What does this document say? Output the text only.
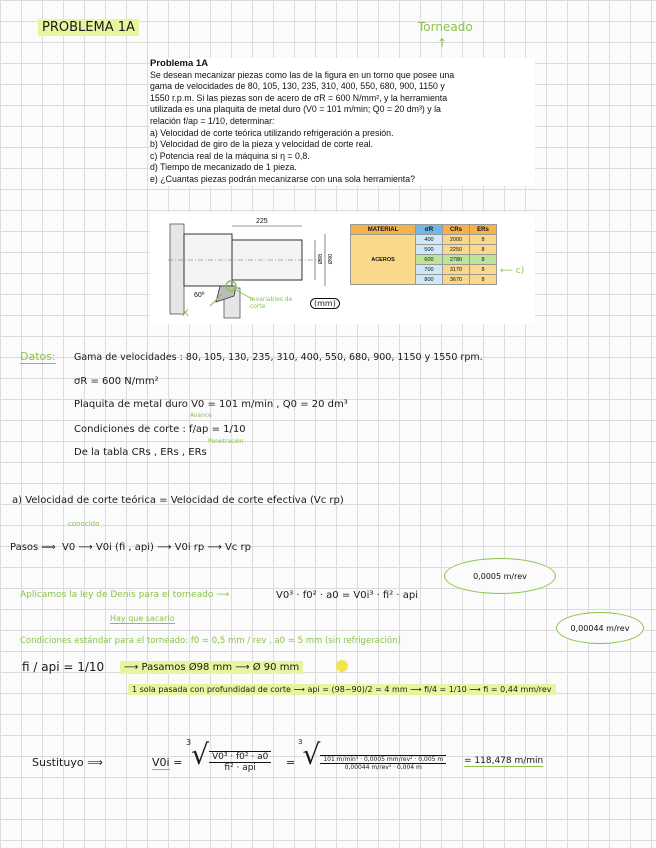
PROBLEMA 1A	Torneado
↑
Problema 1A
Se desean mecanizar piezas como las de la figura en un torno que posee una
gama de velocidades de 80, 105, 130, 235, 310, 400, 550, 680, 900, 1150 y
1550 r.p.m. Si las piezas son de acero de σR = 600 N/mm², y la herramienta
utilizada es una plaquita de metal duro (V0 = 101 m/min; Q0 = 20 dm³) y la
relación f/ap = 1/10, determinar:
a) Velocidad de corte teórica utilizando refrigeración a presión.
b) Velocidad de giro de la pieza y velocidad de corte real.
c) Potencia real de la máquina si η = 0,8.
d) Tiempo de mecanizado de 1 pieza.
e) ¿Cuantas piezas podrán mecanizarse con una sola herramienta?
225
Ø98 Ø90
60º
Invariables de corte
X
(mm)
MATERIAL	σR	CRs	ERs
ACEROS	400	2000	8
	500	2250	8
	600	2780	8
	700	3170	8
	800	3670	8
⟵ c)
Datos: Gama de velocidades : 80, 105, 130, 235, 310, 400, 550, 680, 900, 1150 y 1550 rpm.
σR = 600 N/mm²
Plaquita de metal duro V0 = 101 m/min , Q0 = 20 dm³
Avance
Condiciones de corte : f/ap = 1/10
Penetración
De la tabla CRs , ERs , ERs
a) Velocidad de corte teórica = Velocidad de corte efectiva (Vc rp)
conocido
Pasos ⟹ V0 ⟶ V0i (fi , api) ⟶ V0i rp ⟶ Vc rp
0,0005 m/rev
Aplicamos la ley de Denis para el torneado ⟶	V0³ · f0² · a0 = V0i³ · fi² · api
Hay que sacarlo
0,00044 m/rev
Condiciones estándar para el torneado: f0 = 0,5 mm / rev , a0 = 5 mm (sin refrigeración)
fi / api = 1/10	⟶ Pasamos Ø98 mm ⟶ Ø 90 mm
1 sola pasada con profundidad de corte ⟶ api = (98−90)/2 = 4 mm ⟶ fi/4 = 1/10 ⟶ fi = 0,44 mm/rev
Sustituyo ⟹	V0i =
$3√ \frac{\text{V0³ · f0² · a0}}{\text{fi² · api}}$ =
$3√ \frac{\text{101 m/min³ · 0,0005 mm/rev² · 0,005 m}}{\text{0,00044 m/rev² · 0,004 m}} = 118,478$ m/min
